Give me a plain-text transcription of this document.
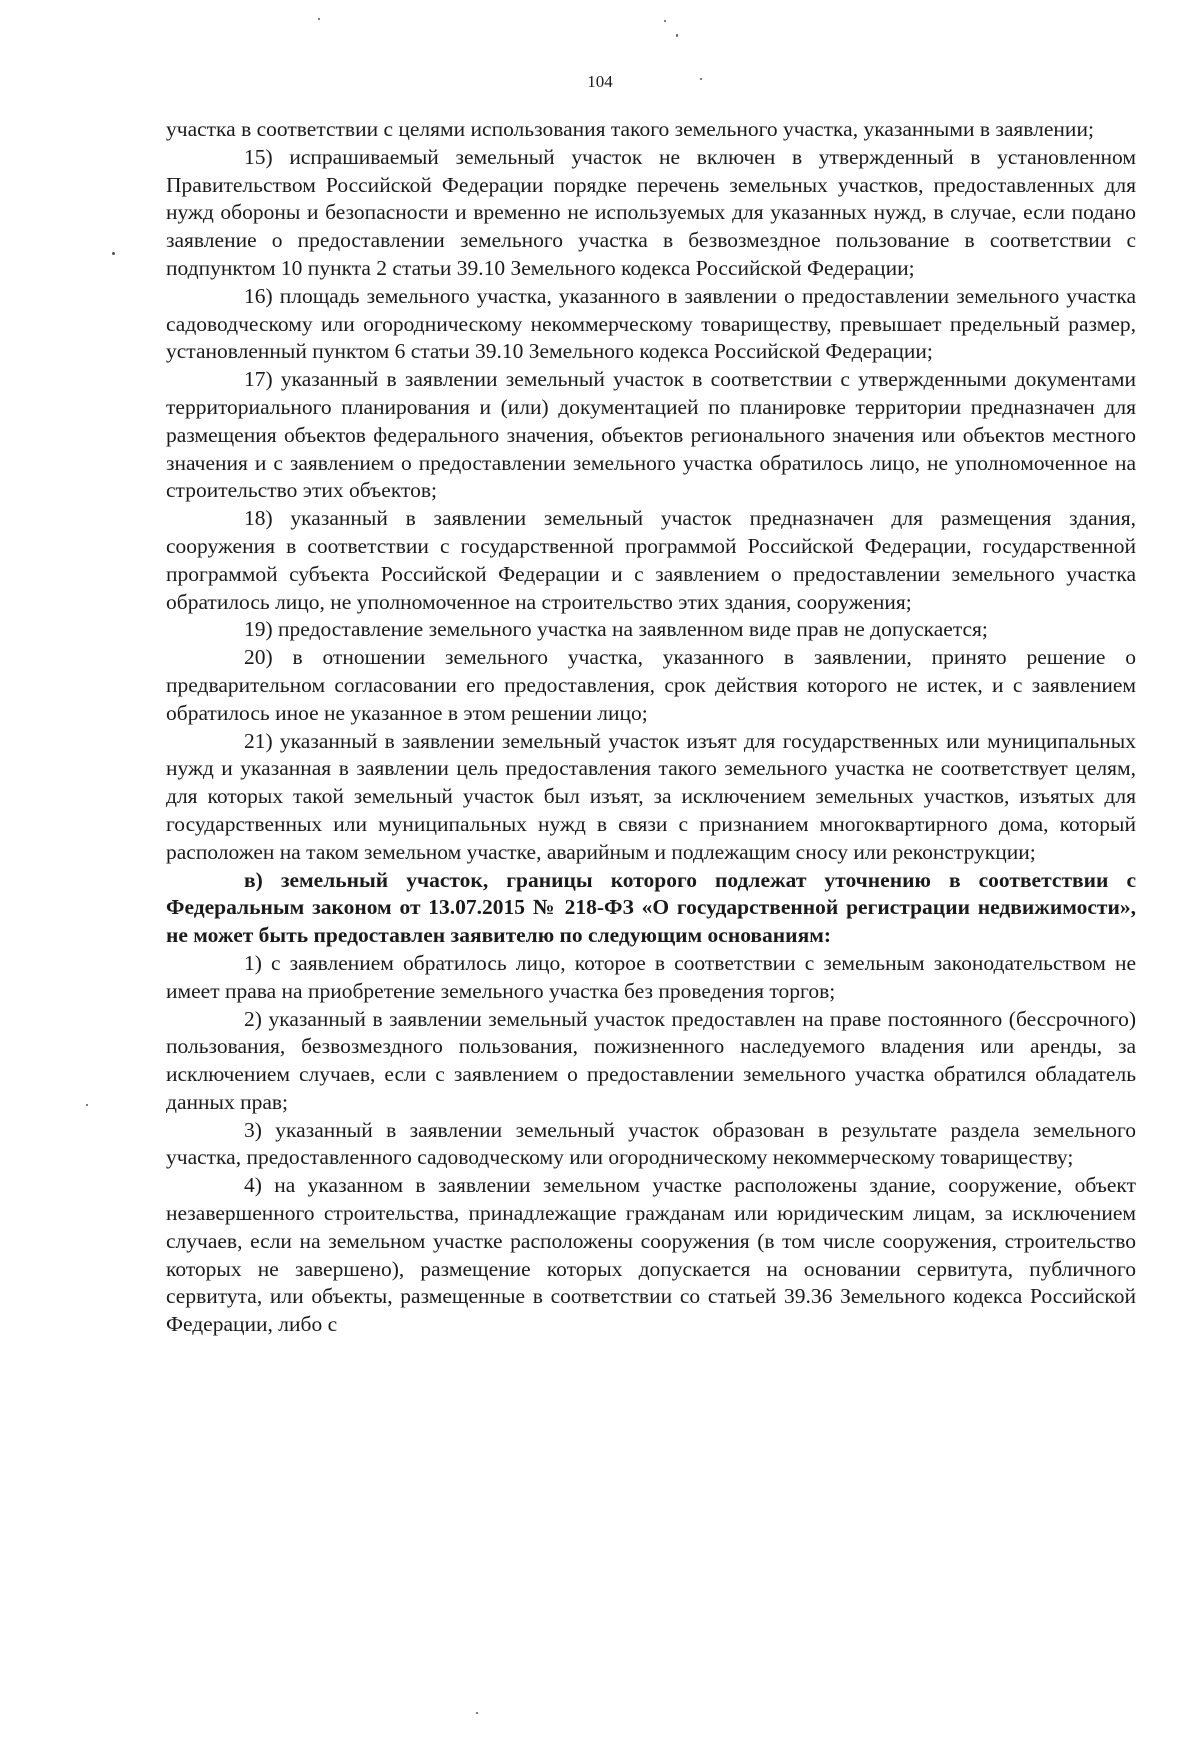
104

участка в соответствии с целями использования такого земельного участка, указанными в заявлении;

15) испрашиваемый земельный участок не включен в утвержденный в установленном Правительством Российской Федерации порядке перечень земельных участков, предоставленных для нужд обороны и безопасности и временно не используемых для указанных нужд, в случае, если подано заявление о предоставлении земельного участка в безвозмездное пользование в соответствии с подпунктом 10 пункта 2 статьи 39.10 Земельного кодекса Российской Федерации;

16) площадь земельного участка, указанного в заявлении о предоставлении земельного участка садоводческому или огородническому некоммерческому товариществу, превышает предельный размер, установленный пунктом 6 статьи 39.10 Земельного кодекса Российской Федерации;

17) указанный в заявлении земельный участок в соответствии с утвержденными документами территориального планирования и (или) документацией по планировке территории предназначен для размещения объектов федерального значения, объектов регионального значения или объектов местного значения и с заявлением о предоставлении земельного участка обратилось лицо, не уполномоченное на строительство этих объектов;

18) указанный в заявлении земельный участок предназначен для размещения здания, сооружения в соответствии с государственной программой Российской Федерации, государственной программой субъекта Российской Федерации и с заявлением о предоставлении земельного участка обратилось лицо, не уполномоченное на строительство этих здания, сооружения;

19) предоставление земельного участка на заявленном виде прав не допускается;

20) в отношении земельного участка, указанного в заявлении, принято решение о предварительном согласовании его предоставления, срок действия которого не истек, и с заявлением обратилось иное не указанное в этом решении лицо;

21) указанный в заявлении земельный участок изъят для государственных или муниципальных нужд и указанная в заявлении цель предоставления такого земельного участка не соответствует целям, для которых такой земельный участок был изъят, за исключением земельных участков, изъятых для государственных или муниципальных нужд в связи с признанием многоквартирного дома, который расположен на таком земельном участке, аварийным и подлежащим сносу или реконструкции;

в) земельный участок, границы которого подлежат уточнению в соответствии с Федеральным законом от 13.07.2015 № 218-ФЗ «О государственной регистрации недвижимости», не может быть предоставлен заявителю по следующим основаниям:

1) с заявлением обратилось лицо, которое в соответствии с земельным законодательством не имеет права на приобретение земельного участка без проведения торгов;

2) указанный в заявлении земельный участок предоставлен на праве постоянного (бессрочного) пользования, безвозмездного пользования, пожизненного наследуемого владения или аренды, за исключением случаев, если с заявлением о предоставлении земельного участка обратился обладатель данных прав;

3) указанный в заявлении земельный участок образован в результате раздела земельного участка, предоставленного садоводческому или огородническому некоммерческому товариществу;

4) на указанном в заявлении земельном участке расположены здание, сооружение, объект незавершенного строительства, принадлежащие гражданам или юридическим лицам, за исключением случаев, если на земельном участке расположены сооружения (в том числе сооружения, строительство которых не завершено), размещение которых допускается на основании сервитута, публичного сервитута, или объекты, размещенные в соответствии со статьей 39.36 Земельного кодекса Российской Федерации, либо с
